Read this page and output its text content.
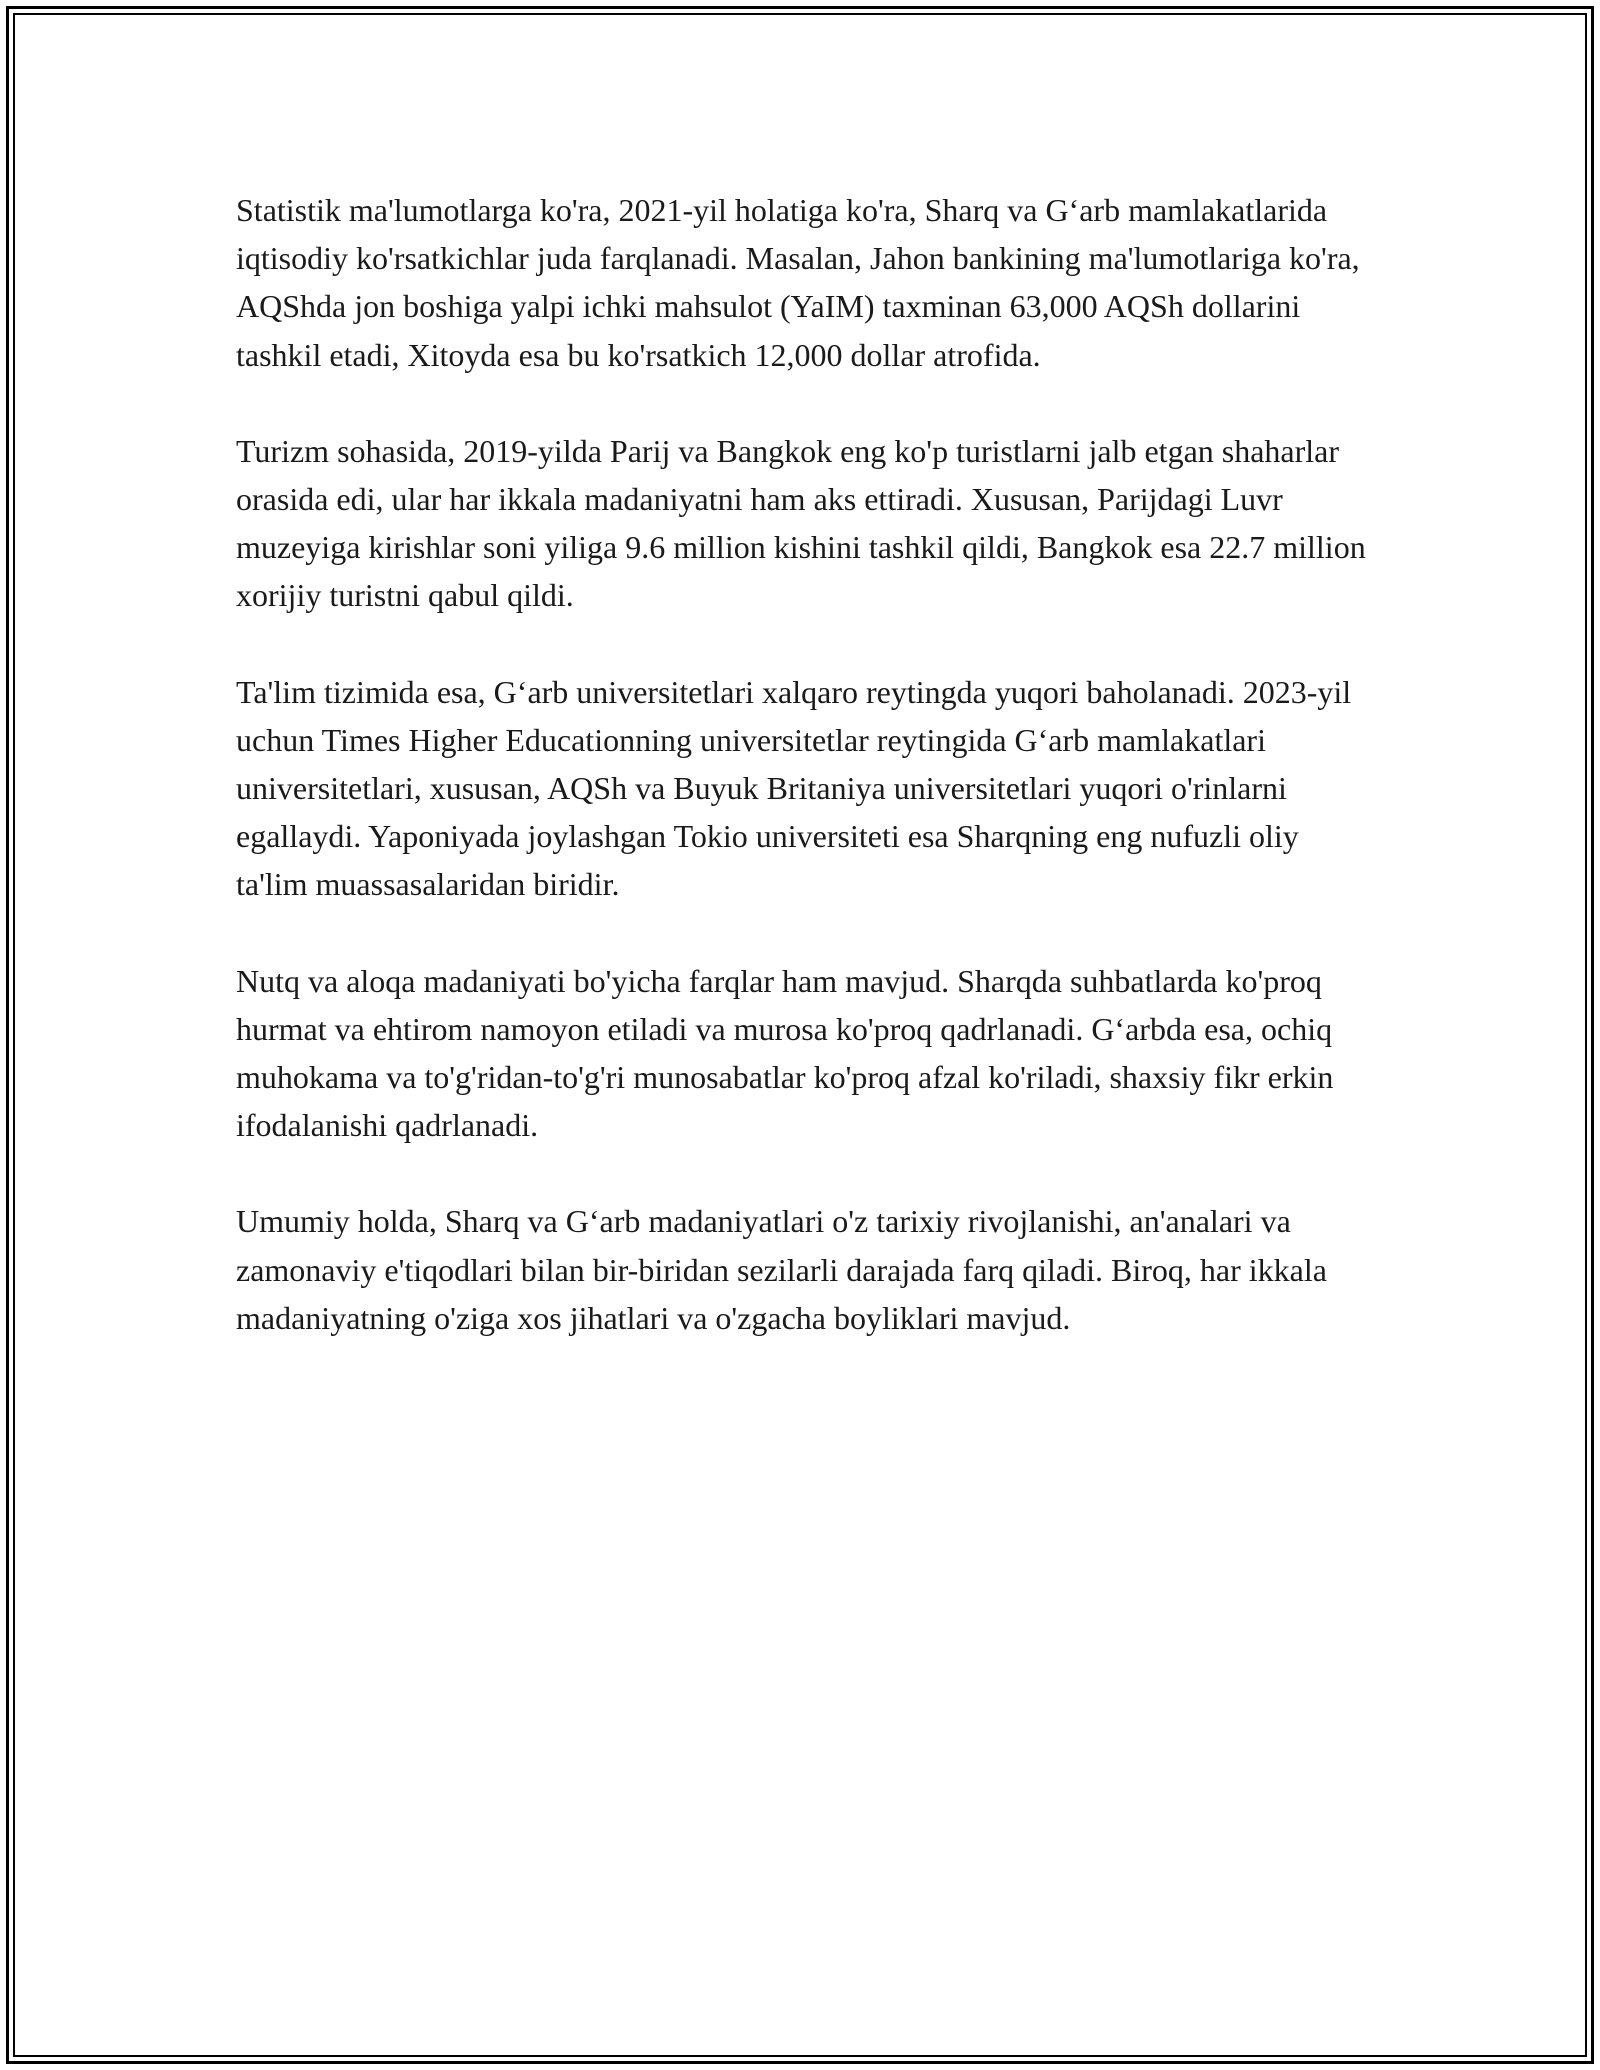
Statistik ma'lumotlarga ko'ra, 2021-yil holatiga ko'ra, Sharq va G‘arb mamlakatlarida iqtisodiy ko'rsatkichlar juda farqlanadi. Masalan, Jahon bankining ma'lumotlariga ko'ra, AQShda jon boshiga yalpi ichki mahsulot (YaIM) taxminan 63,000 AQSh dollarini tashkil etadi, Xitoyda esa bu ko'rsatkich 12,000 dollar atrofida.

Turizm sohasida, 2019-yilda Parij va Bangkok eng ko'p turistlarni jalb etgan shaharlar orasida edi, ular har ikkala madaniyatni ham aks ettiradi. Xususan, Parijdagi Luvr muzeyiga kirishlar soni yiliga 9.6 million kishini tashkil qildi, Bangkok esa 22.7 million xorijiy turistni qabul qildi.

Ta'lim tizimida esa, G‘arb universitetlari xalqaro reytingda yuqori baholanadi. 2023-yil uchun Times Higher Educationning universitetlar reytingida G‘arb mamlakatlari universitetlari, xususan, AQSh va Buyuk Britaniya universitetlari yuqori o'rinlarni egallaydi. Yaponiyada joylashgan Tokio universiteti esa Sharqning eng nufuzli oliy ta'lim muassasalaridan biridir.

Nutq va aloqa madaniyati bo'yicha farqlar ham mavjud. Sharqda suhbatlarda ko'proq hurmat va ehtirom namoyon etiladi va murosa ko'proq qadrlanadi. G‘arbda esa, ochiq muhokama va to'g'ridan-to'g'ri munosabatlar ko'proq afzal ko'riladi, shaxsiy fikr erkin ifodalanishi qadrlanadi.

Umumiy holda, Sharq va G‘arb madaniyatlari o'z tarixiy rivojlanishi, an'analari va zamonaviy e'tiqodlari bilan bir-biridan sezilarli darajada farq qiladi. Biroq, har ikkala madaniyatning o'ziga xos jihatlari va o'zgacha boyliklari mavjud.
